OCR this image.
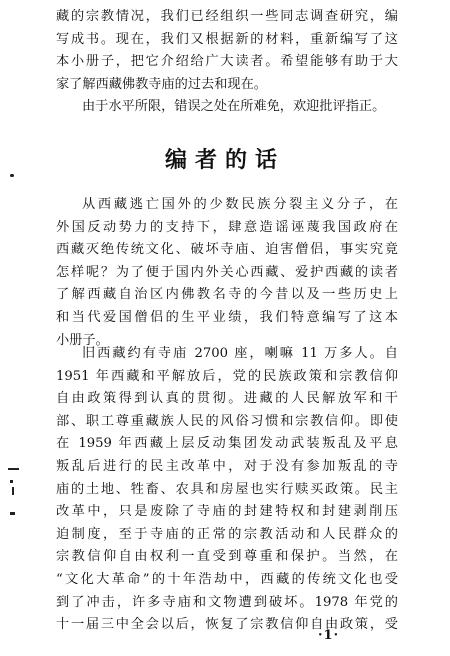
藏的宗教情况，我们已经组织一些同志调查研究，编
写成书。现在，我们又根据新的材料，重新编写了这
本小册子，把它介绍给广大读者。希望能够有助于大
家了解西藏佛教寺庙的过去和现在。
由于水平所限，错误之处在所难免，欢迎批评指正。
编者的话
从西藏逃亡国外的少数民族分裂主义分子，在
外国反动势力的支持下，肆意造谣诬蔑我国政府在
西藏灭绝传统文化、破坏寺庙、迫害僧侣，事实究竟
怎样呢？为了便于国内外关心西藏、爱护西藏的读者
了解西藏自治区内佛教名寺的今昔以及一些历史上
和当代爱国僧侣的生平业绩，我们特意编写了这本
小册子。
旧西藏约有寺庙 2700 座，喇嘛 11 万多人。自
1951 年西藏和平解放后，党的民族政策和宗教信仰
自由政策得到认真的贯彻。进藏的人民解放军和干
部、职工尊重藏族人民的风俗习惯和宗教信仰。即使
在 1959 年西藏上层反动集团发动武装叛乱及平息
叛乱后进行的民主改革中，对于没有参加叛乱的寺
庙的土地、牲畜、农具和房屋也实行赎买政策。民主
改革中，只是废除了寺庙的封建特权和封建剥削压
迫制度，至于寺庙的正常的宗教活动和人民群众的
宗教信仰自由权利一直受到尊重和保护。当然，在
“文化大革命”的十年浩劫中，西藏的传统文化也受
到了冲击，许多寺庙和文物遭到破坏。1978 年党的
十一届三中全会以后，恢复了宗教信仰自由政策，受
·1·
